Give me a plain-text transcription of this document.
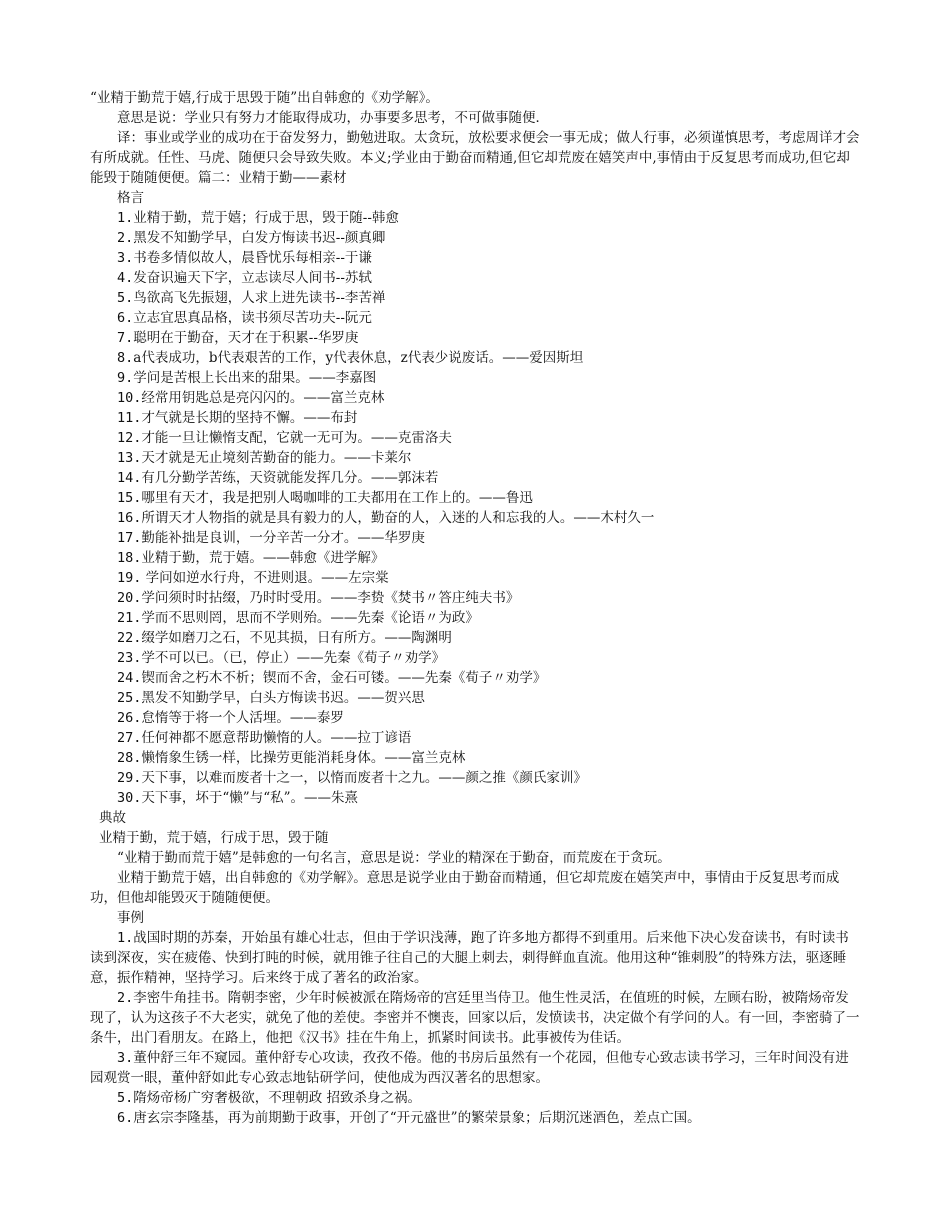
“业精于勤荒于嬉,行成于思毁于随”出自韩愈的《劝学解》。

意思是说：学业只有努力才能取得成功，办事要多思考，不可做事随便．

译：事业或学业的成功在于奋发努力，勤勉进取。太贪玩，放松要求便会一事无成；做人行事，必须谨慎思考，考虑周详才会有所成就。任性、马虎、随便只会导致失败。本义;学业由于勤奋而精通,但它却荒废在嬉笑声中,事情由于反复思考而成功,但它却能毁于随随便便。篇二：业精于勤——素材

格言

1.业精于勤，荒于嬉；行成于思，毁于随--韩愈

2.黑发不知勤学早，白发方悔读书迟--颜真卿

3.书卷多情似故人，晨昏忧乐每相亲--于谦

4.发奋识遍天下字，立志读尽人间书--苏轼

5.鸟欲高飞先振翅，人求上进先读书--李苦禅

6.立志宜思真品格，读书须尽苦功夫--阮元

7.聪明在于勤奋，天才在于积累--华罗庚

8.a代表成功，b代表艰苦的工作，y代表休息，z代表少说废话。——爱因斯坦

9.学问是苦根上长出来的甜果。——李嘉图

10.经常用钥匙总是亮闪闪的。——富兰克林

11.才气就是长期的坚持不懈。——布封

12.才能一旦让懒惰支配，它就一无可为。——克雷洛夫

13.天才就是无止境刻苦勤奋的能力。——卡莱尔

14.有几分勤学苦练，天资就能发挥几分。——郭沫若

15.哪里有天才，我是把别人喝咖啡的工夫都用在工作上的。——鲁迅

16.所谓天才人物指的就是具有毅力的人，勤奋的人，入迷的人和忘我的人。——木村久一

17.勤能补拙是良训，一分辛苦一分才。——华罗庚

18.业精于勤，荒于嬉。——韩愈《进学解》

19. 学问如逆水行舟，不进则退。——左宗棠

20.学问须时时拈缀，乃时时受用。——李贽《焚书〃答庄纯夫书》

21.学而不思则罔，思而不学则殆。——先秦《论语〃为政》

22.缀学如磨刀之石，不见其损，日有所方。——陶渊明

23.学不可以已。（已，停止）——先秦《荀子〃劝学》

24.锲而舍之朽木不析；锲而不舍，金石可镂。——先秦《荀子〃劝学》

25.黑发不知勤学早，白头方悔读书迟。——贺兴思

26.怠惰等于将一个人活埋。——泰罗

27.任何神都不愿意帮助懒惰的人。——拉丁谚语

28.懒惰象生锈一样，比操劳更能消耗身体。——富兰克林

29.天下事，以难而废者十之一，以惰而废者十之九。——颜之推《颜氏家训》

30.天下事，坏于“懒”与“私”。——朱熹

典故

业精于勤，荒于嬉，行成于思，毁于随

“业精于勤而荒于嬉”是韩愈的一句名言，意思是说：学业的精深在于勤奋，而荒废在于贪玩。

业精于勤荒于嬉，出自韩愈的《劝学解》。意思是说学业由于勤奋而精通，但它却荒废在嬉笑声中，事情由于反复思考而成功，但他却能毁灭于随随便便。

事例

1.战国时期的苏秦，开始虽有雄心壮志，但由于学识浅薄，跑了许多地方都得不到重用。后来他下决心发奋读书，有时读书读到深夜，实在疲倦、快到打盹的时候，就用锥子往自己的大腿上刺去，刺得鲜血直流。他用这种“锥刺股”的特殊方法，驱逐睡意，振作精神，坚持学习。后来终于成了著名的政治家。

2.李密牛角挂书。隋朝李密，少年时候被派在隋炀帝的宫廷里当侍卫。他生性灵活，在值班的时候，左顾右盼，被隋炀帝发现了，认为这孩子不大老实，就免了他的差使。李密并不懊丧，回家以后，发愤读书，决定做个有学问的人。有一回，李密骑了一条牛，出门看朋友。在路上，他把《汉书》挂在牛角上，抓紧时间读书。此事被传为佳话。

3.董仲舒三年不窥园。董仲舒专心攻读，孜孜不倦。他的书房后虽然有一个花园，但他专心致志读书学习，三年时间没有进园观赏一眼，董仲舒如此专心致志地钻研学问，使他成为西汉著名的思想家。

5.隋炀帝杨广穷奢极欲，不理朝政 招致杀身之祸。

6.唐玄宗李隆基，再为前期勤于政事，开创了“开元盛世”的繁荣景象；后期沉迷酒色，差点亡国。
